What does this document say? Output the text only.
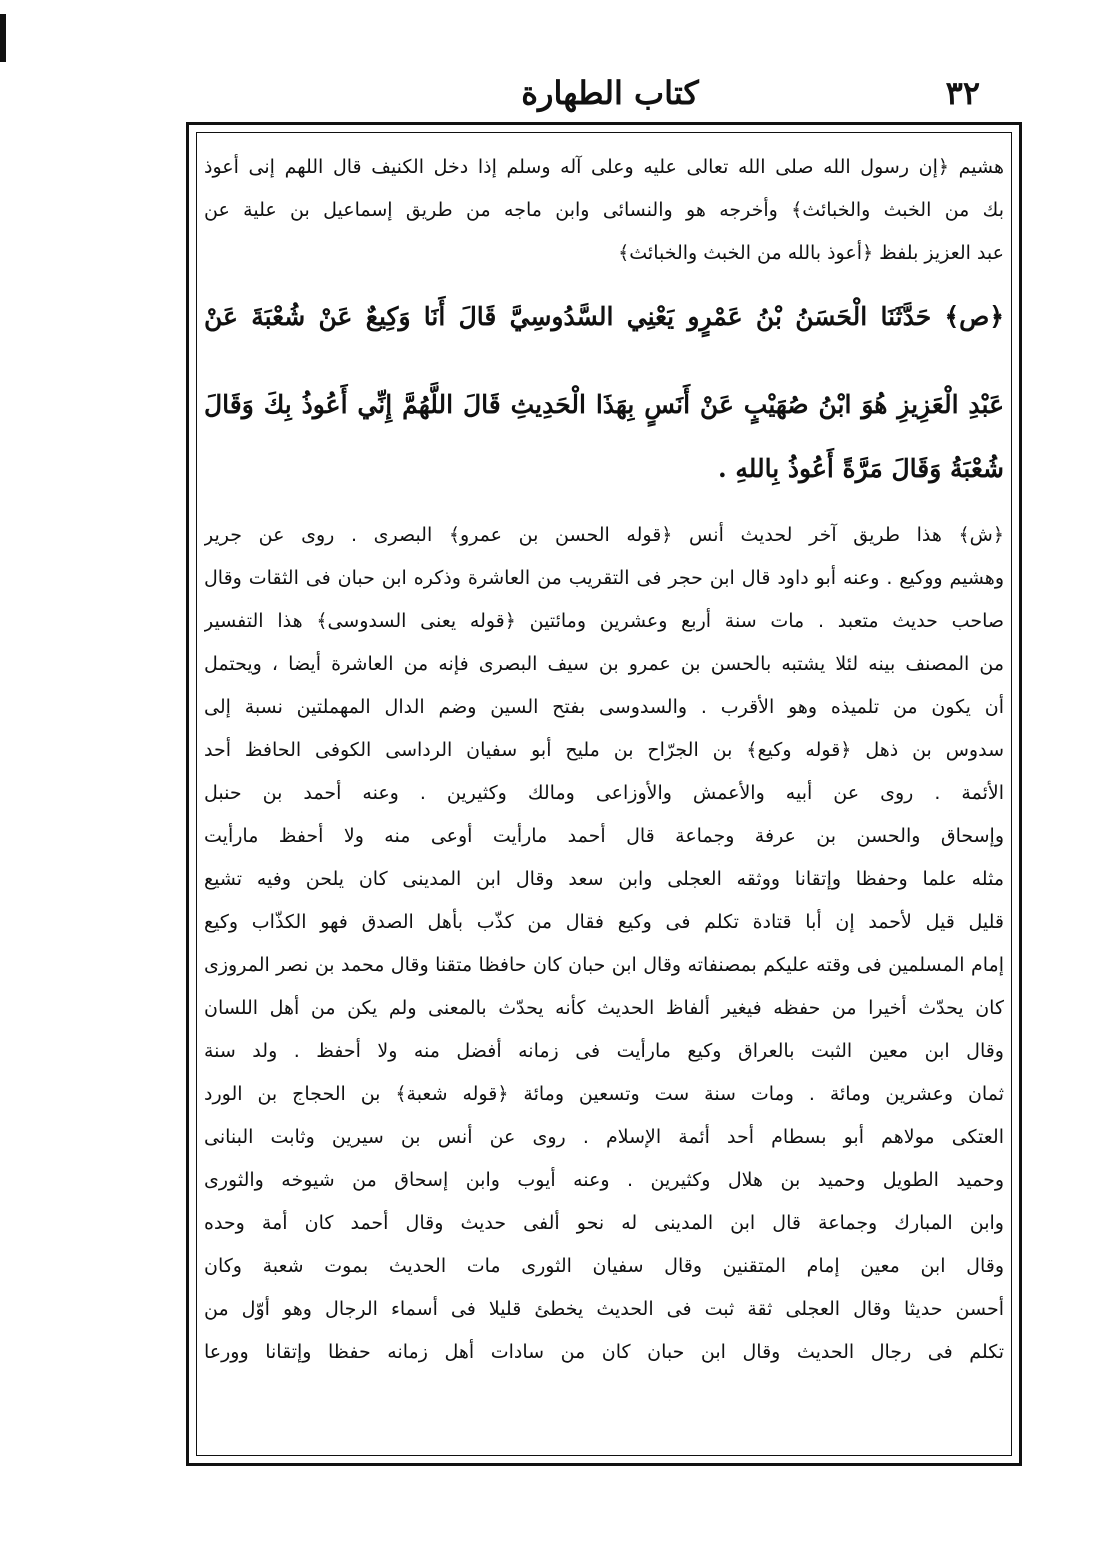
٣٢
كتاب الطهارة
هشيم ﴿إن رسول الله صلى الله تعالى عليه وعلى آله وسلم إذا دخل الكنيف قال اللهم إنى أعوذ
بك من الخبث والخبائث﴾ وأخرجه هو والنسائى وابن ماجه من طريق إسماعيل بن علية عن
عبد العزيز بلفظ ﴿أعوذ بالله من الخبث والخبائث﴾
﴿ص﴾ حَدَّثَنَا الْحَسَنُ بْنُ عَمْرٍو يَعْنِي السَّدُوسِيَّ قَالَ أَنَا وَكِيعٌ عَنْ شُعْبَةَ عَنْ
عَبْدِ الْعَزِيزِ هُوَ ابْنُ صُهَيْبٍ عَنْ أَنَسٍ بِهَذَا الْحَدِيثِ قَالَ اللَّهُمَّ إِنِّي أَعُوذُ بِكَ وَقَالَ
شُعْبَةُ وَقَالَ مَرَّةً أَعُوذُ بِاللهِ .
﴿ش﴾ هذا طريق آخر لحديث أنس ﴿قوله الحسن بن عمرو﴾ البصرى . روى عن جرير
وهشيم ووكيع . وعنه أبو داود قال ابن حجر فى التقريب من العاشرة وذكره ابن حبان فى الثقات وقال
صاحب حديث متعبد . مات سنة أربع وعشرين ومائتين ﴿قوله يعنى السدوسى﴾ هذا التفسير
من المصنف بينه لئلا يشتبه بالحسن بن عمرو بن سيف البصرى فإنه من العاشرة أيضا ، ويحتمل
أن يكون من تلميذه وهو الأقرب . والسدوسى بفتح السين وضم الدال المهملتين نسبة إلى
سدوس بن ذهل ﴿قوله وكيع﴾ بن الجرّاح بن مليح أبو سفيان الرداسى الكوفى الحافظ أحد
الأئمة . روى عن أبيه والأعمش والأوزاعى ومالك وكثيرين . وعنه أحمد بن حنبل
وإسحاق والحسن بن عرفة وجماعة قال أحمد مارأيت أوعى منه ولا أحفظ مارأيت
مثله علما وحفظا وإتقانا ووثقه العجلى وابن سعد وقال ابن المدينى كان يلحن وفيه تشيع
قليل قيل لأحمد إن أبا قتادة تكلم فى وكيع فقال من كذّب بأهل الصدق فهو الكذّاب وكيع
إمام المسلمين فى وقته عليكم بمصنفاته وقال ابن حبان كان حافظا متقنا وقال محمد بن نصر المروزى
كان يحدّث أخيرا من حفظه فيغير ألفاظ الحديث كأنه يحدّث بالمعنى ولم يكن من أهل اللسان
وقال ابن معين الثبت بالعراق وكيع مارأيت فى زمانه أفضل منه ولا أحفظ . ولد سنة
ثمان وعشرين ومائة . ومات سنة ست وتسعين ومائة ﴿قوله شعبة﴾ بن الحجاج بن الورد
العتكى مولاهم أبو بسطام أحد أئمة الإسلام . روى عن أنس بن سيرين وثابت البنانى
وحميد الطويل وحميد بن هلال وكثيرين . وعنه أيوب وابن إسحاق من شيوخه والثورى
وابن المبارك وجماعة قال ابن المدينى له نحو ألفى حديث وقال أحمد كان أمة وحده
وقال ابن معين إمام المتقنين وقال سفيان الثورى مات الحديث بموت شعبة وكان
أحسن حديثا وقال العجلى ثقة ثبت فى الحديث يخطئ قليلا فى أسماء الرجال وهو أوّل من
تكلم فى رجال الحديث وقال ابن حبان كان من سادات أهل زمانه حفظا وإتقانا وورعا
